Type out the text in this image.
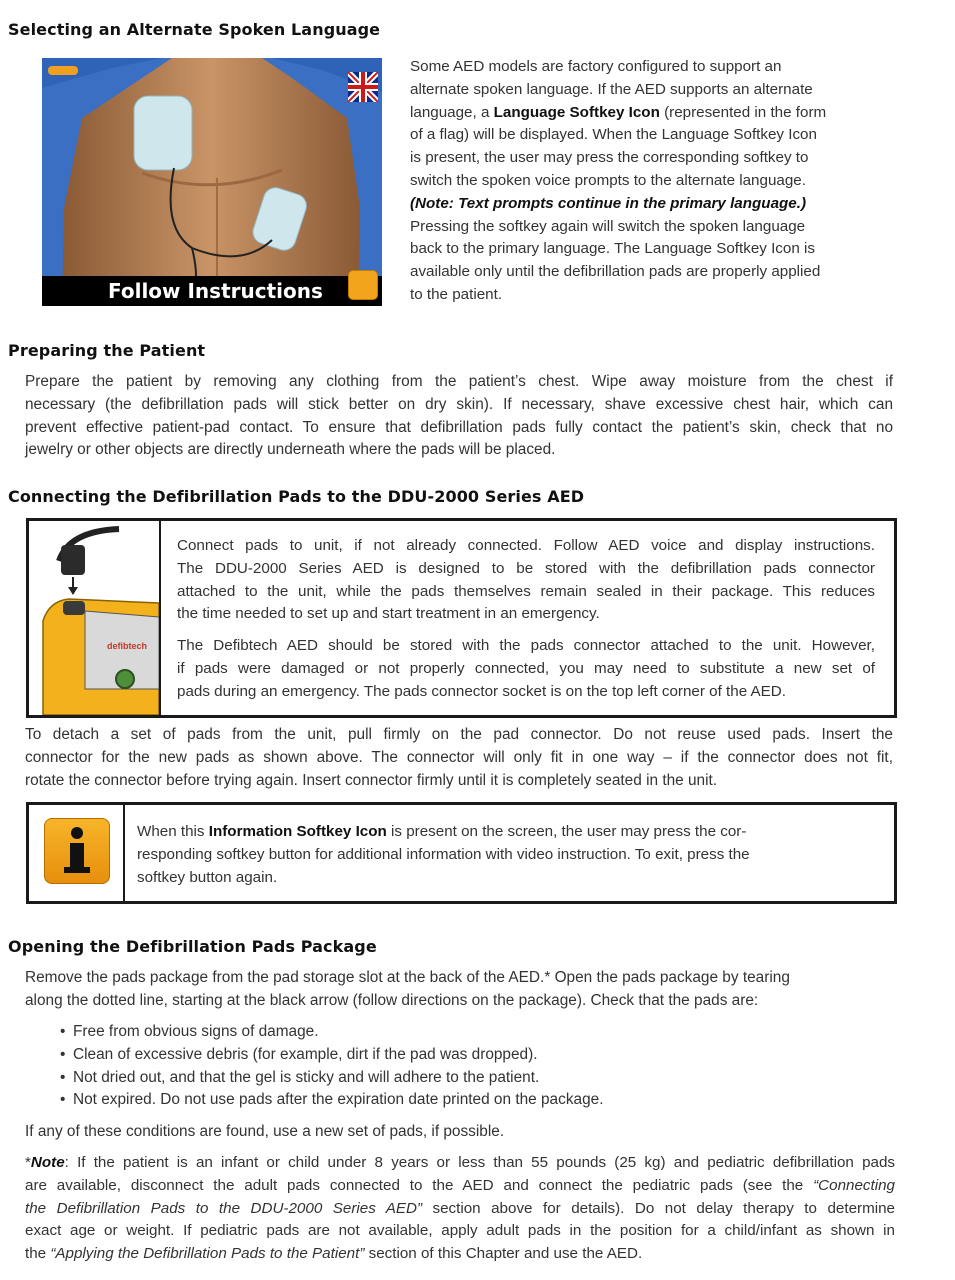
Selecting an Alternate Spoken Language
Follow Instructions
Some AED models are factory configured to support an
alternate spoken language. If the AED supports an alternate
language, a Language Softkey Icon (represented in the form
of a flag) will be displayed. When the Language Softkey Icon
is present, the user may press the corresponding softkey to
switch the spoken voice prompts to the alternate language.
(Note: Text prompts continue in the primary language.)
Pressing the softkey again will switch the spoken language
back to the primary language. The Language Softkey Icon is
available only until the defibrillation pads are properly applied
to the patient.
Preparing the Patient
Prepare the patient by removing any clothing from the patient’s chest. Wipe away moisture from the chest if
necessary (the defibrillation pads will stick better on dry skin). If necessary, shave excessive chest hair, which can
prevent effective patient-pad contact. To ensure that defibrillation pads fully contact the patient’s skin, check that no
jewelry or other objects are directly underneath where the pads will be placed.
Connecting the Defibrillation Pads to the DDU-2000 Series AED
defibtech
Connect pads to unit, if not already connected. Follow AED voice and display instructions.
The DDU-2000 Series AED is designed to be stored with the defibrillation pads connector
attached to the unit, while the pads themselves remain sealed in their package. This reduces
the time needed to set up and start treatment in an emergency.
The Defibtech AED should be stored with the pads connector attached to the unit. However,
if pads were damaged or not properly connected, you may need to substitute a new set of
pads during an emergency. The pads connector socket is on the top left corner of the AED.
To detach a set of pads from the unit, pull firmly on the pad connector. Do not reuse used pads. Insert the
connector for the new pads as shown above. The connector will only fit in one way – if the connector does not fit,
rotate the connector before trying again. Insert connector firmly until it is completely seated in the unit.
When this Information Softkey Icon is present on the screen, the user may press the cor-
responding softkey button for additional information with video instruction. To exit, press the
softkey button again.
Opening the Defibrillation Pads Package
Remove the pads package from the pad storage slot at the back of the AED.* Open the pads package by tearing
along the dotted line, starting at the black arrow (follow directions on the package). Check that the pads are:
• Free from obvious signs of damage.
• Clean of excessive debris (for example, dirt if the pad was dropped).
• Not dried out, and that the gel is sticky and will adhere to the patient.
• Not expired. Do not use pads after the expiration date printed on the package.
If any of these conditions are found, use a new set of pads, if possible.
*Note: If the patient is an infant or child under 8 years or less than 55 pounds (25 kg) and pediatric defibrillation pads
are available, disconnect the adult pads connected to the AED and connect the pediatric pads (see the “Connecting
the Defibrillation Pads to the DDU-2000 Series AED” section above for details). Do not delay therapy to determine
exact age or weight. If pediatric pads are not available, apply adult pads in the position for a child/infant as shown in
the “Applying the Defibrillation Pads to the Patient” section of this Chapter and use the AED.
